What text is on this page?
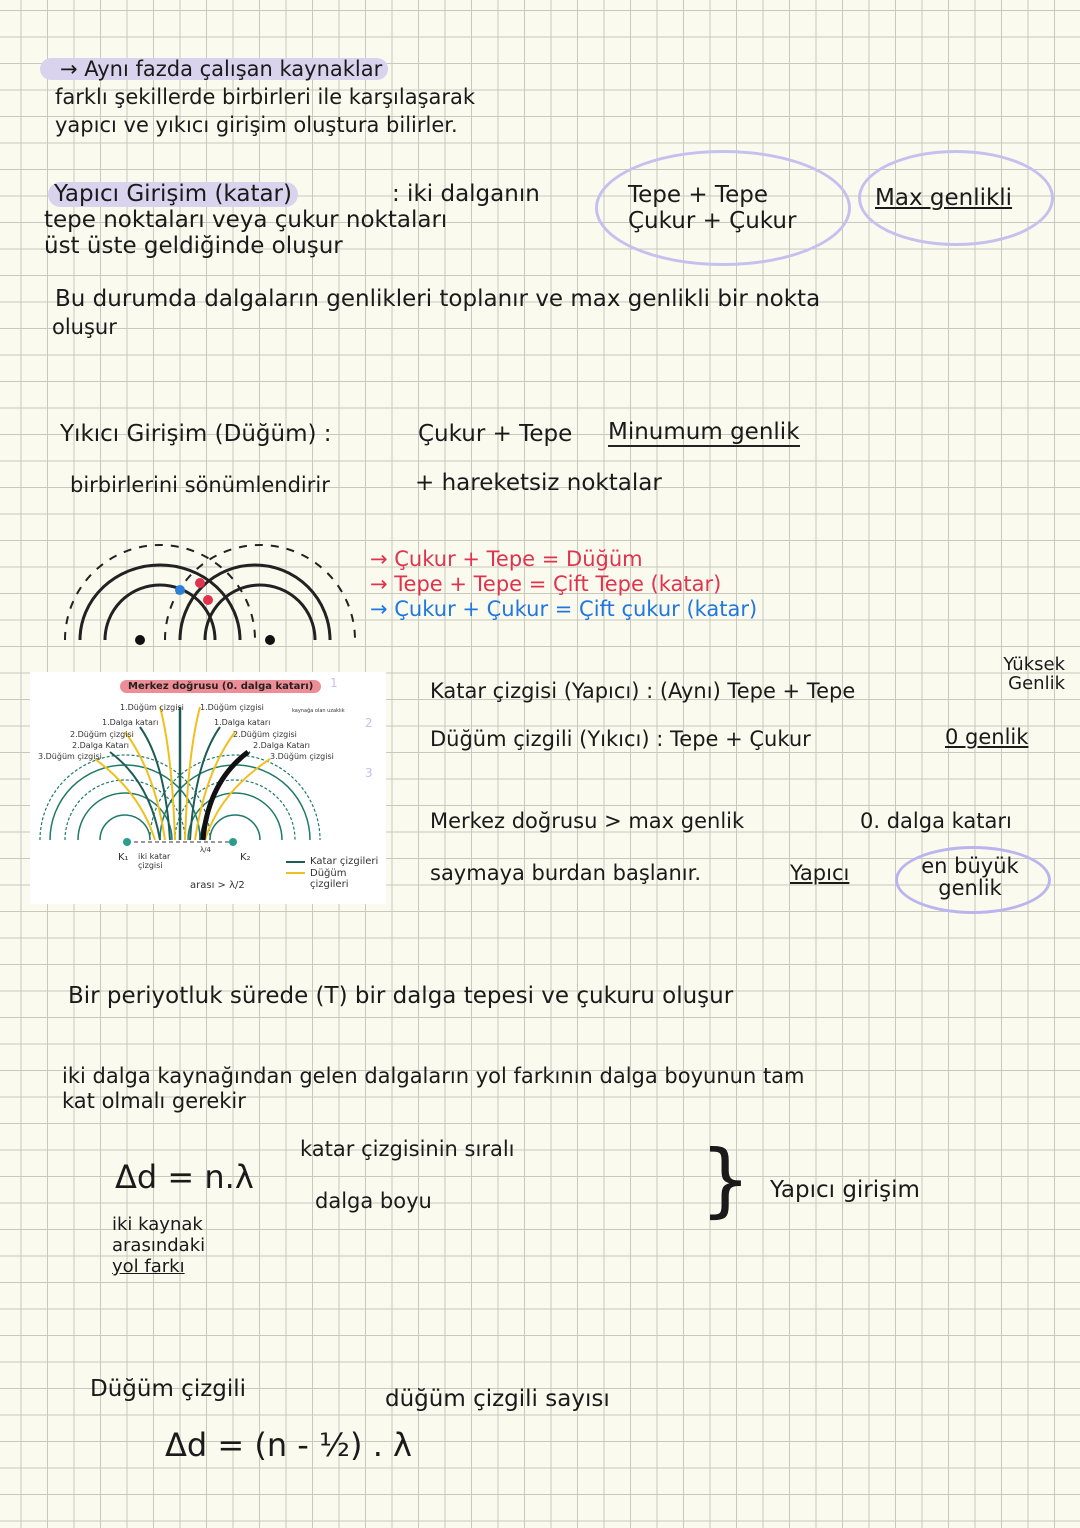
→ Aynı fazda çalışan kaynaklar
farklı şekillerde birbirleri ile karşılaşarak
yapıcı ve yıkıcı girişim oluştura bilirler.
Yapıcı Girişim (katar)	: iki dalganın
tepe noktaları veya çukur noktaları
üst üste geldiğinde oluşur
Tepe + Tepe
Çukur + Çukur
Max genlikli
Bu durumda dalgaların genlikleri toplanır ve max genlikli bir nokta
oluşur
Yıkıcı Girişim (Düğüm) :	Çukur + Tepe Minumum genlik
birbirlerini sönümlendirir	+ hareketsiz noktalar
→ Çukur + Tepe = Düğüm
→ Tepe + Tepe = Çift Tepe (katar)
→ Çukur + Çukur = Çift çukur (katar)
Merkez doğrusu (0. dalga katarı)
1.Düğüm çizgisi
1.Dalga katarı
2.Düğüm çizgisi
2.Dalga Katarı
3.Düğüm çizgisi
1.Düğüm çizgisi
1.Dalga katarı
2.Düğüm çizgisi
2.Dalga Katarı
3.Düğüm çizgisi
kaynağa olan uzaklık
1
2
3
K₁	K₂
λ/4
iki katar çizgisi
arası > λ/2
Katar çizgileri
Düğüm çizgileri
Katar çizgisi (Yapıcı) : (Aynı) Tepe + Tepe
Yüksek Genlik
Düğüm çizgili (Yıkıcı) : Tepe + Çukur	0 genlik
Merkez doğrusu > max genlik	0. dalga katarı
saymaya burdan başlanır.	Yapıcı	en büyük genlik
Bir periyotluk sürede (T) bir dalga tepesi ve çukuru oluşur
iki dalga kaynağından gelen dalgaların yol farkının dalga boyunun tam
kat olmalı gerekir
Δd = n.λ
katar çizgisinin sıralı
dalga boyu
iki kaynak
arasındaki
yol farkı
} Yapıcı girişim
Düğüm çizgili	düğüm çizgili sayısı
Δd = (n - ½) . λ
